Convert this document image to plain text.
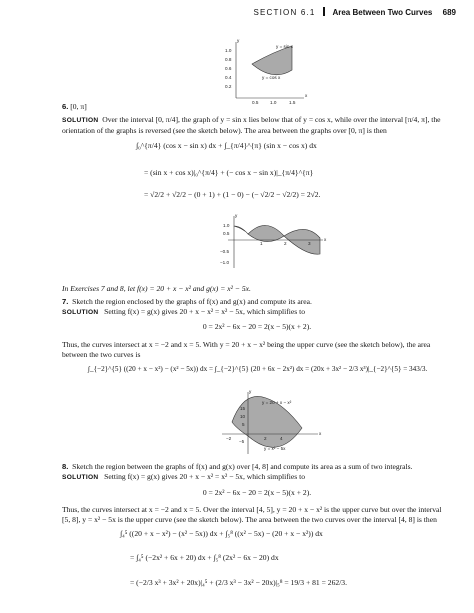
SECTION 6.1 Area Between Two Curves 689
1.0
0.8
0.6
0.4
0.2
0.5	1.0	1.5
y = sin x
y = cos x
x
y
6. [0, π]
SOLUTION Over the interval [0, π/4], the graph of y = sin x lies below that of y = cos x, while over the interval [π/4, π], the
orientation of the graphs is reversed (see the sketch below). The area between the graphs over [0, π] is then
∫₀^{π/4} (cos x − sin x) dx + ∫_{π/4}^{π} (sin x − cos x) dx
= (sin x + cos x)|₀^{π/4} + (− cos x − sin x)|_{π/4}^{π}
= √2/2 + √2/2 − (0 + 1) + (1 − 0) − (− √2/2 − √2/2) = 2√2.
1.0
0.5
−0.5
−1.0
1	2	3
x
y
In Exercises 7 and 8, let f(x) = 20 + x − x² and g(x) = x² − 5x.
7. Sketch the region enclosed by the graphs of f(x) and g(x) and compute its area.
SOLUTION Setting f(x) = g(x) gives 20 + x − x² = x² − 5x, which simplifies to
0 = 2x² − 6x − 20 = 2(x − 5)(x + 2).
Thus, the curves intersect at x = −2 and x = 5. With y = 20 + x − x² being the upper curve (see the sketch below), the area
between the two curves is
∫_{−2}^{5} ((20 + x − x²) − (x² − 5x)) dx = ∫_{−2}^{5} (20 + 6x − 2x²) dx = (20x + 3x² − 2/3 x³)|_{−2}^{5} = 343/3.
15
10
5
−5
−2	2	4
y = 20 + x − x²
y = x² − 5x
x
y
8. Sketch the region between the graphs of f(x) and g(x) over [4, 8] and compute its area as a sum of two integrals.
SOLUTION Setting f(x) = g(x) gives 20 + x − x² = x² − 5x, which simplifies to
0 = 2x² − 6x − 20 = 2(x − 5)(x + 2).
Thus, the curves intersect at x = −2 and x = 5. Over the interval [4, 5], y = 20 + x − x² is the upper curve but over the interval
[5, 8], y = x² − 5x is the upper curve (see the sketch below). The area between the two curves over the interval [4, 8] is then
∫₄⁵ ((20 + x − x²) − (x² − 5x)) dx + ∫₅⁸ ((x² − 5x) − (20 + x − x²)) dx
= ∫₄⁵ (−2x² + 6x + 20) dx + ∫₅⁸ (2x² − 6x − 20) dx
= (−2/3 x³ + 3x² + 20x)|₄⁵ + (2/3 x³ − 3x² − 20x)|₅⁸ = 19/3 + 81 = 262/3.
